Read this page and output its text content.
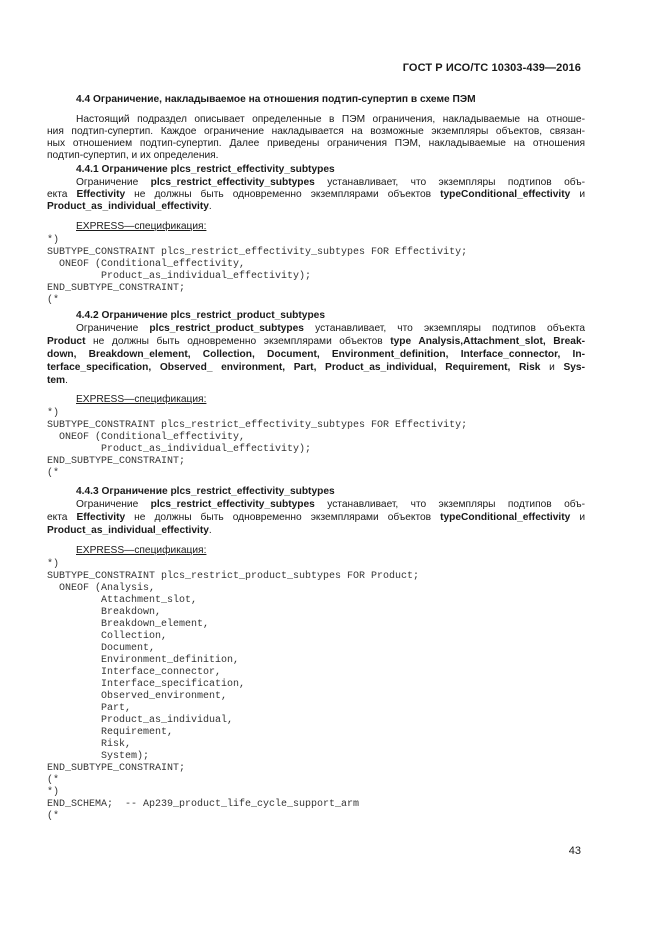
ГОСТ Р ИСО/ТС 10303-439—2016
4.4 Ограничение, накладываемое на отношения подтип-супертип в схеме ПЭМ
Настоящий подраздел описывает определенные в ПЭМ ограничения, накладываемые на отноше-
ния подтип-супертип. Каждое ограничение накладывается на возможные экземпляры объектов, связан-
ных отношением подтип-супертип. Далее приведены ограничения ПЭМ, накладываемые на отношения
подтип-супертип, и их определения.
4.4.1 Ограничение plcs_restrict_effectivity_subtypes
Ограничение plcs_restrict_effectivity_subtypes устанавливает, что экземпляры подтипов объ-
екта Effectivity не должны быть одновременно экземплярами объектов typeConditional_effectivity и
Product_as_individual_effectivity.
EXPRESS—спецификация:
*)
SUBTYPE_CONSTRAINT plcs_restrict_effectivity_subtypes FOR Effectivity;
ONEOF (Conditional_effectivity,
Product_as_individual_effectivity);
END_SUBTYPE_CONSTRAINT;
(*
4.4.2 Ограничение plcs_restrict_product_subtypes
Ограничение plcs_restrict_product_subtypes устанавливает, что экземпляры подтипов объекта
Product не должны быть одновременно экземплярами объектов type Analysis,Attachment_slot, Break-
down, Breakdown_element, Collection, Document, Environment_definition, Interface_connector, In-
terface_specification, Observed_ environment, Part, Product_as_individual, Requirement, Risk и Sys-
tem.
EXPRESS—спецификация:
*)
SUBTYPE_CONSTRAINT plcs_restrict_effectivity_subtypes FOR Effectivity;
ONEOF (Conditional_effectivity,
Product_as_individual_effectivity);
END_SUBTYPE_CONSTRAINT;
(*
4.4.3 Ограничение plcs_restrict_effectivity_subtypes
Ограничение plcs_restrict_effectivity_subtypes устанавливает, что экземпляры подтипов объ-
екта Effectivity не должны быть одновременно экземплярами объектов typeConditional_effectivity и
Product_as_individual_effectivity.
EXPRESS—спецификация:
*)
SUBTYPE_CONSTRAINT plcs_restrict_product_subtypes FOR Product;
ONEOF (Analysis,
Attachment_slot,
Breakdown,
Breakdown_element,
Collection,
Document,
Environment_definition,
Interface_connector,
Interface_specification,
Observed_environment,
Part,
Product_as_individual,
Requirement,
Risk,
System);
END_SUBTYPE_CONSTRAINT;
(*
*)
END_SCHEMA;  -- Ap239_product_life_cycle_support_arm
(*
43
